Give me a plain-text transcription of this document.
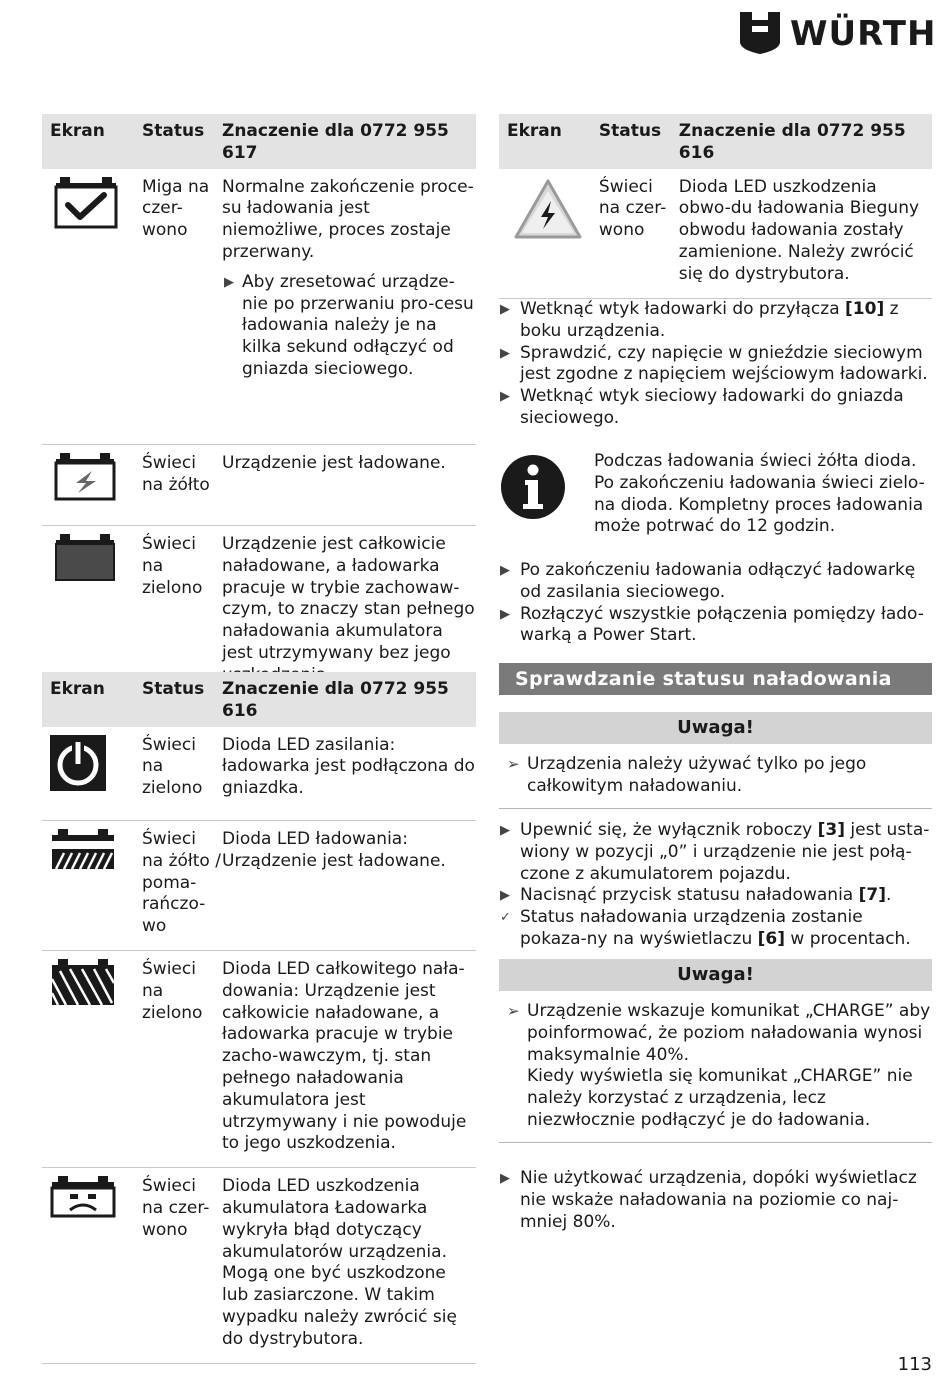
WÜRTH
Ekran	Status	Znaczenie dla 0772 955 617

	Miga na czer-wono	Normalne zakończenie proce-su ładowania jest niemożliwe, proces zostaje przerwany.
▶ Aby zresetować urządze-nie po przerwaniu pro-cesu ładowania należy je na kilka sekund odłączyć od gniazda sieciowego.

	Świeci na żółto	Urządzenie jest ładowane.

	Świeci na zielono	Urządzenie jest całkowicie naładowane, a ładowarka pracuje w trybie zachowaw-czym, to znaczy stan pełnego naładowania akumulatora jest utrzymywany bez jego
Ekran	Status	Znaczenie dla 0772 955 616

	Świeci na zielono	Dioda LED zasilania: ładowarka jest podłączona do gniazdka.

	Świeci na żółto / poma-rańczo-wo	Dioda LED ładowania: Urządzenie jest ładowane.

	Świeci na zielono	Dioda LED całkowitego nała-dowania: Urządzenie jest całkowicie naładowane, a ładowarka pracuje w trybie zacho-wawczym, tj. stan pełnego naładowania akumulatora jest utrzymywany i nie powoduje to jego uszkodzenia.

	Świeci na czer-wono	Dioda LED uszkodzenia akumulatora Ładowarka wykryła błąd dotyczący akumulatorów urządzenia. Mogą one być uszkodzone lub zasiarczone. W takim wypadku należy zwrócić się do dystrybutora.
Ekran	Status	Znaczenie dla 0772 955 616

	Świeci na czer-wono	Dioda LED uszkodzenia obwo-du ładowania Bieguny obwodu ładowania zostały zamienione. Należy zwrócić się do dystrybutora.
▶ Wetknąć wtyk ładowarki do przyłącza [10] z boku urządzenia.
▶ Sprawdzić, czy napięcie w gnieździe sieciowym jest zgodne z napięciem wejściowym ładowarki.
▶ Wetknąć wtyk sieciowy ładowarki do gniazda sieciowego.
Podczas ładowania świeci żółta dioda. Po zakończeniu ładowania świeci zielo-na dioda. Kompletny proces ładowania może potrwać do 12 godzin.
▶ Po zakończeniu ładowania odłączyć ładowarkę od zasilania sieciowego.
▶ Rozłączyć wszystkie połączenia pomiędzy łado-warką a Power Start.
Sprawdzanie statusu naładowania
Uwaga!
➢ Urządzenia należy używać tylko po jego całkowitym naładowaniu.
▶ Upewnić się, że wyłącznik roboczy [3] jest usta-wiony w pozycji „0” i urządzenie nie jest połą-czone z akumulatorem pojazdu.
▶ Nacisnąć przycisk statusu naładowania [7].
✓ Status naładowania urządzenia zostanie pokaza-ny na wyświetlaczu [6] w procentach.
Uwaga!
➢ Urządzenie wskazuje komunikat „CHARGE” aby poinformować, że poziom naładowania wynosi maksymalnie 40%.
Kiedy wyświetla się komunikat „CHARGE” nie należy korzystać z urządzenia, lecz niezwłocznie podłączyć je do ładowania.
▶ Nie użytkować urządzenia, dopóki wyświetlacz nie wskaże naładowania na poziomie co naj-mniej 80%.
113
